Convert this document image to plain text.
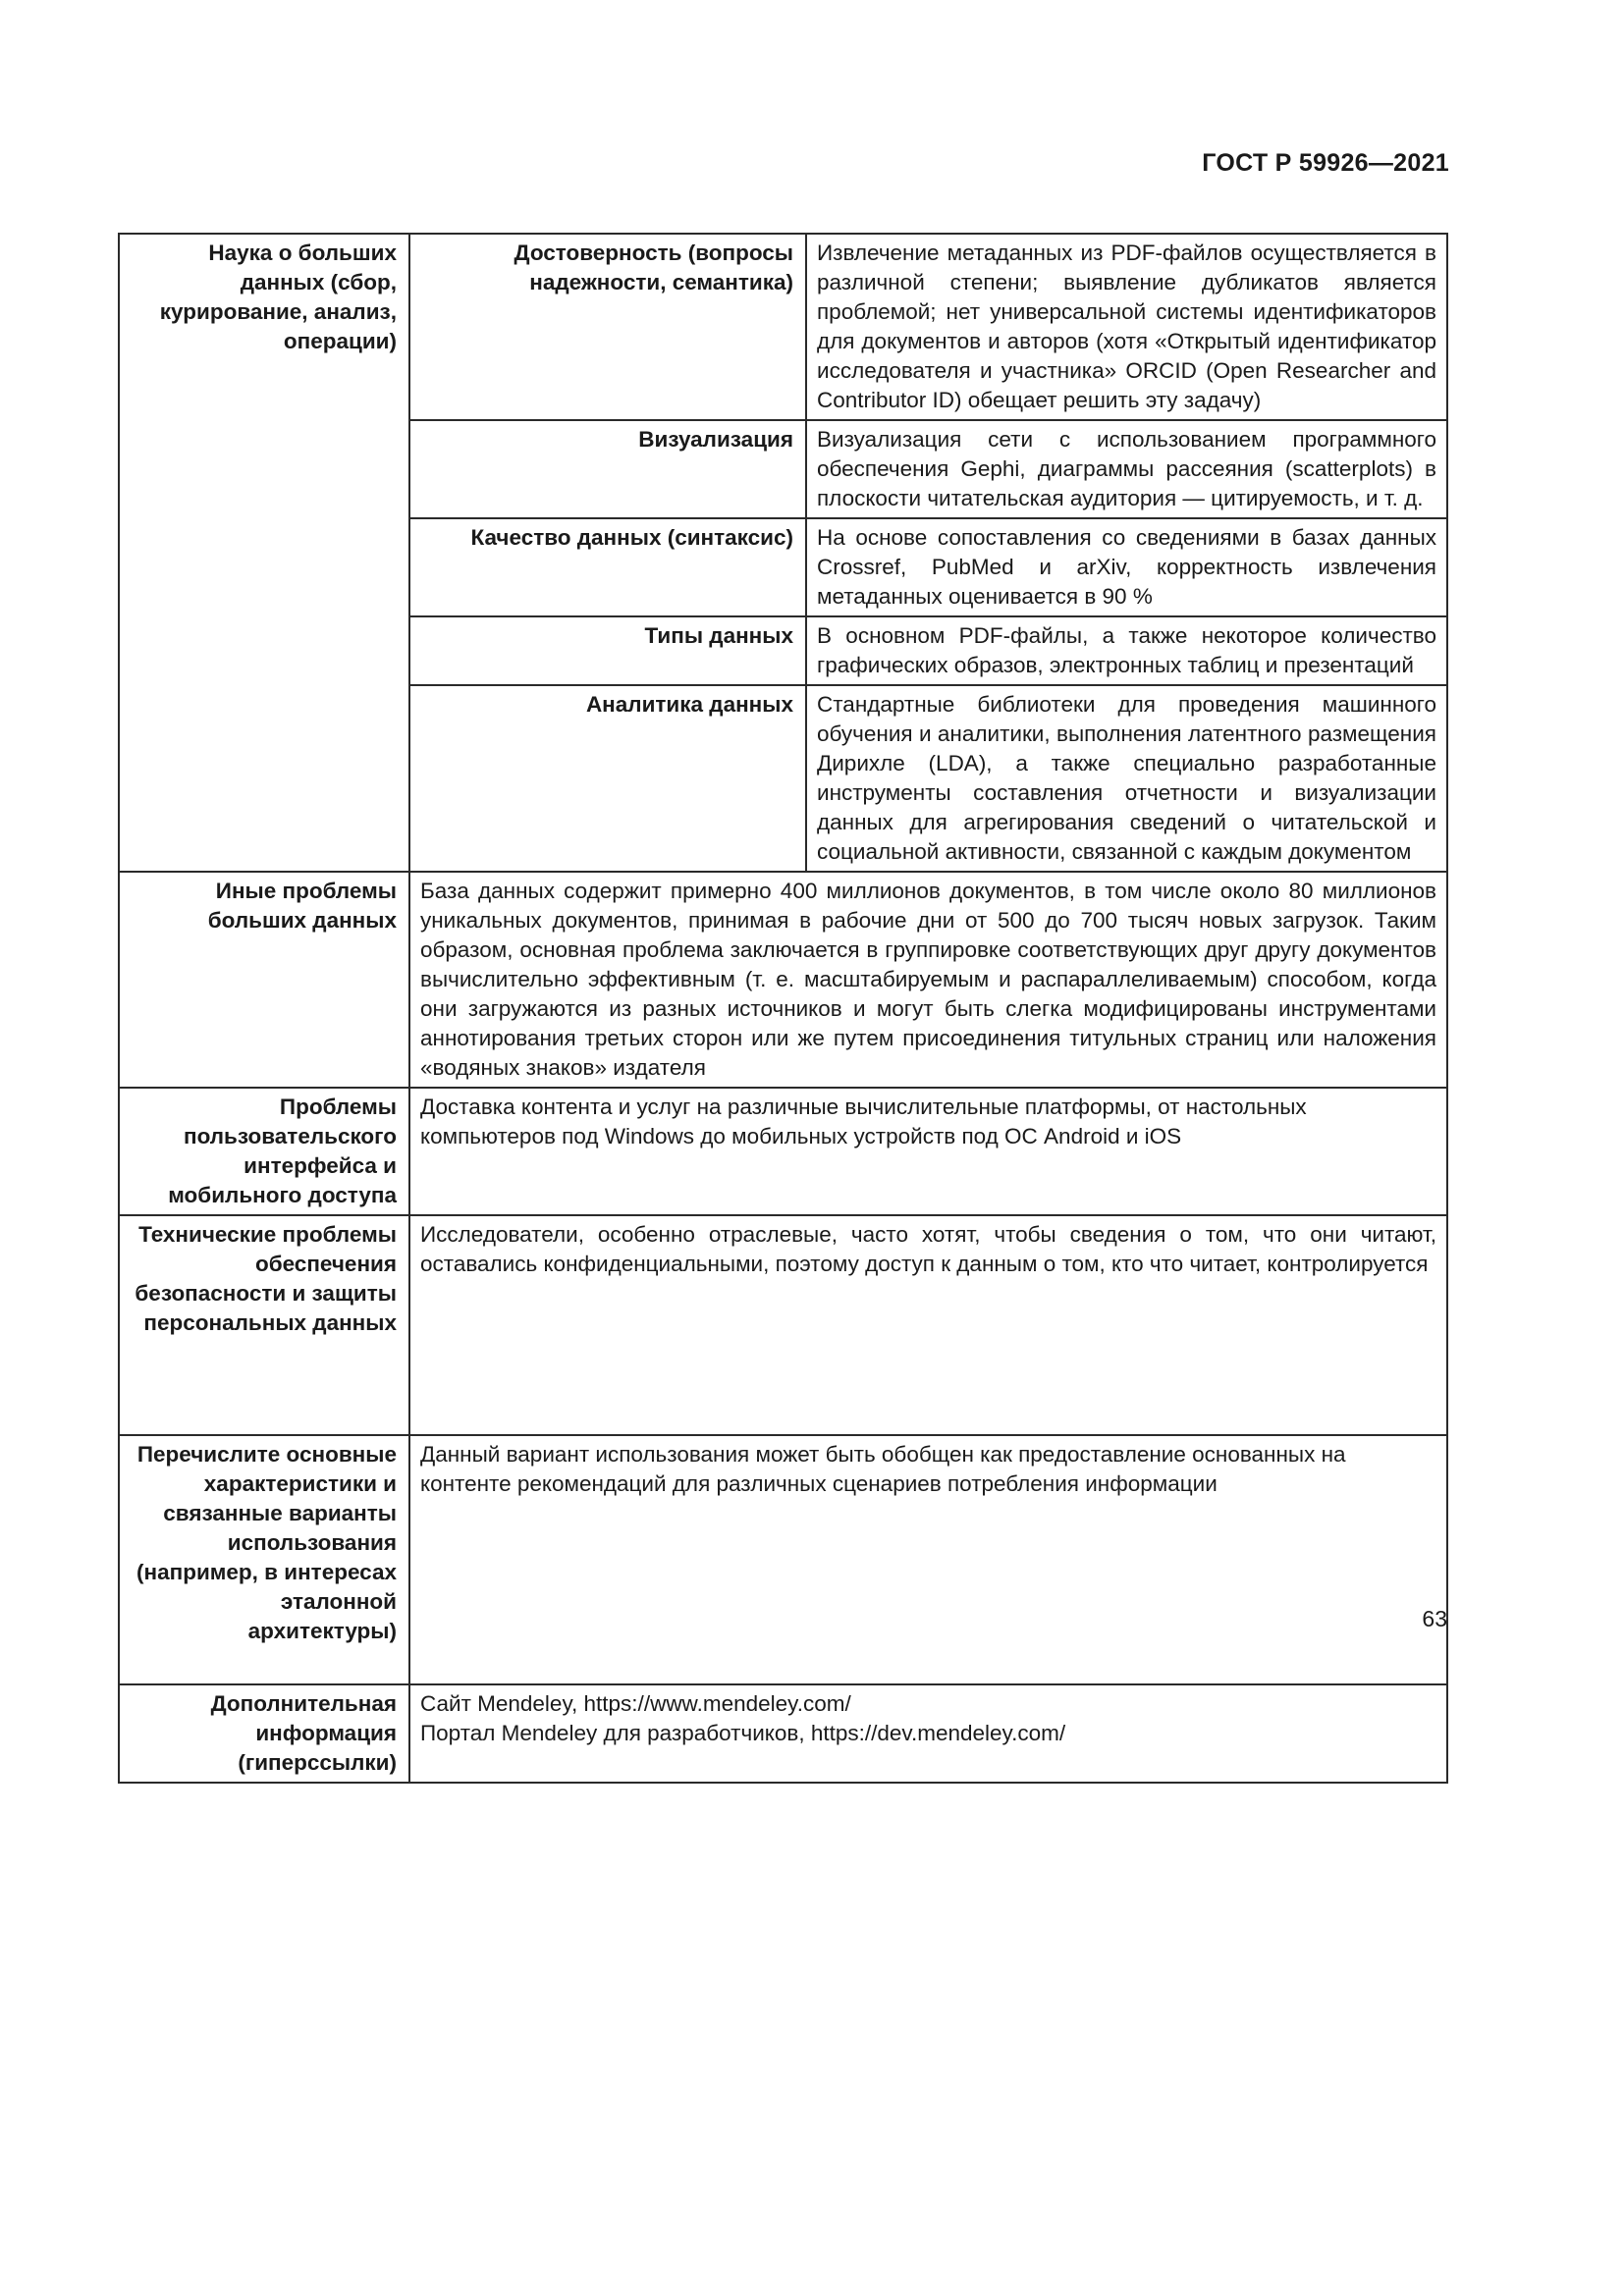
ГОСТ Р 59926—2021
Наука о больших данных (сбор, курирование, анализ, операции)	Достоверность (вопросы надежности, семантика)	Извлечение метаданных из PDF-файлов осуществляется в различной степени; выявление дубликатов является проблемой; нет универсальной системы идентификаторов для документов и авторов (хотя «Открытый идентификатор исследователя и участника» ORCID (Open Researcher and Contributor ID) обещает решить эту задачу)
	Визуализация	Визуализация сети с использованием программного обеспечения Gephi, диаграммы рассеяния (scatterplots) в плоскости читательская аудитория — цитируемость, и т. д.
	Качество данных (синтаксис)	На основе сопоставления со сведениями в базах данных Crossref, PubMed и arXiv, корректность извлечения метаданных оценивается в 90 %
	Типы данных	В основном PDF-файлы, а также некоторое количество графических образов, электронных таблиц и презентаций
	Аналитика данных	Стандартные библиотеки для проведения машинного обучения и аналитики, выполнения латентного размещения Дирихле (LDA), а также специально разработанные инструменты составления отчетности и визуализации данных для агрегирования сведений о читательской и социальной активности, связанной с каждым документом
Иные проблемы больших данных	База данных содержит примерно 400 миллионов документов, в том числе около 80 миллионов уникальных документов, принимая в рабочие дни от 500 до 700 тысяч новых загрузок. Таким образом, основная проблема заключается в группировке соответствующих друг другу документов вычислительно эффективным (т. е. масштабируемым и распараллеливаемым) способом, когда они загружаются из разных источников и могут быть слегка модифицированы инструментами аннотирования третьих сторон или же путем присоединения титульных страниц или наложения «водяных знаков» издателя	
Проблемы пользовательского интерфейса и мобильного доступа	Доставка контента и услуг на различные вычислительные платформы, от настольных компьютеров под Windows до мобильных устройств под ОС Android и iOS	
Технические проблемы обеспечения безопасности и защиты персональных данных	Исследователи, особенно отраслевые, часто хотят, чтобы сведения о том, что они читают, оставались конфиденциальными, поэтому доступ к данным о том, кто что читает, контролируется	
Перечислите основные характеристики и связанные варианты использования (например, в интересах эталонной архитектуры)	Данный вариант использования может быть обобщен как предоставление основанных на контенте рекомендаций для различных сценариев потребления информации	
Дополнительная информация (гиперссылки)	Сайт Mendeley, https://www.mendeley.com/
Портал Mendeley для разработчиков, https://dev.mendeley.com/	
63
